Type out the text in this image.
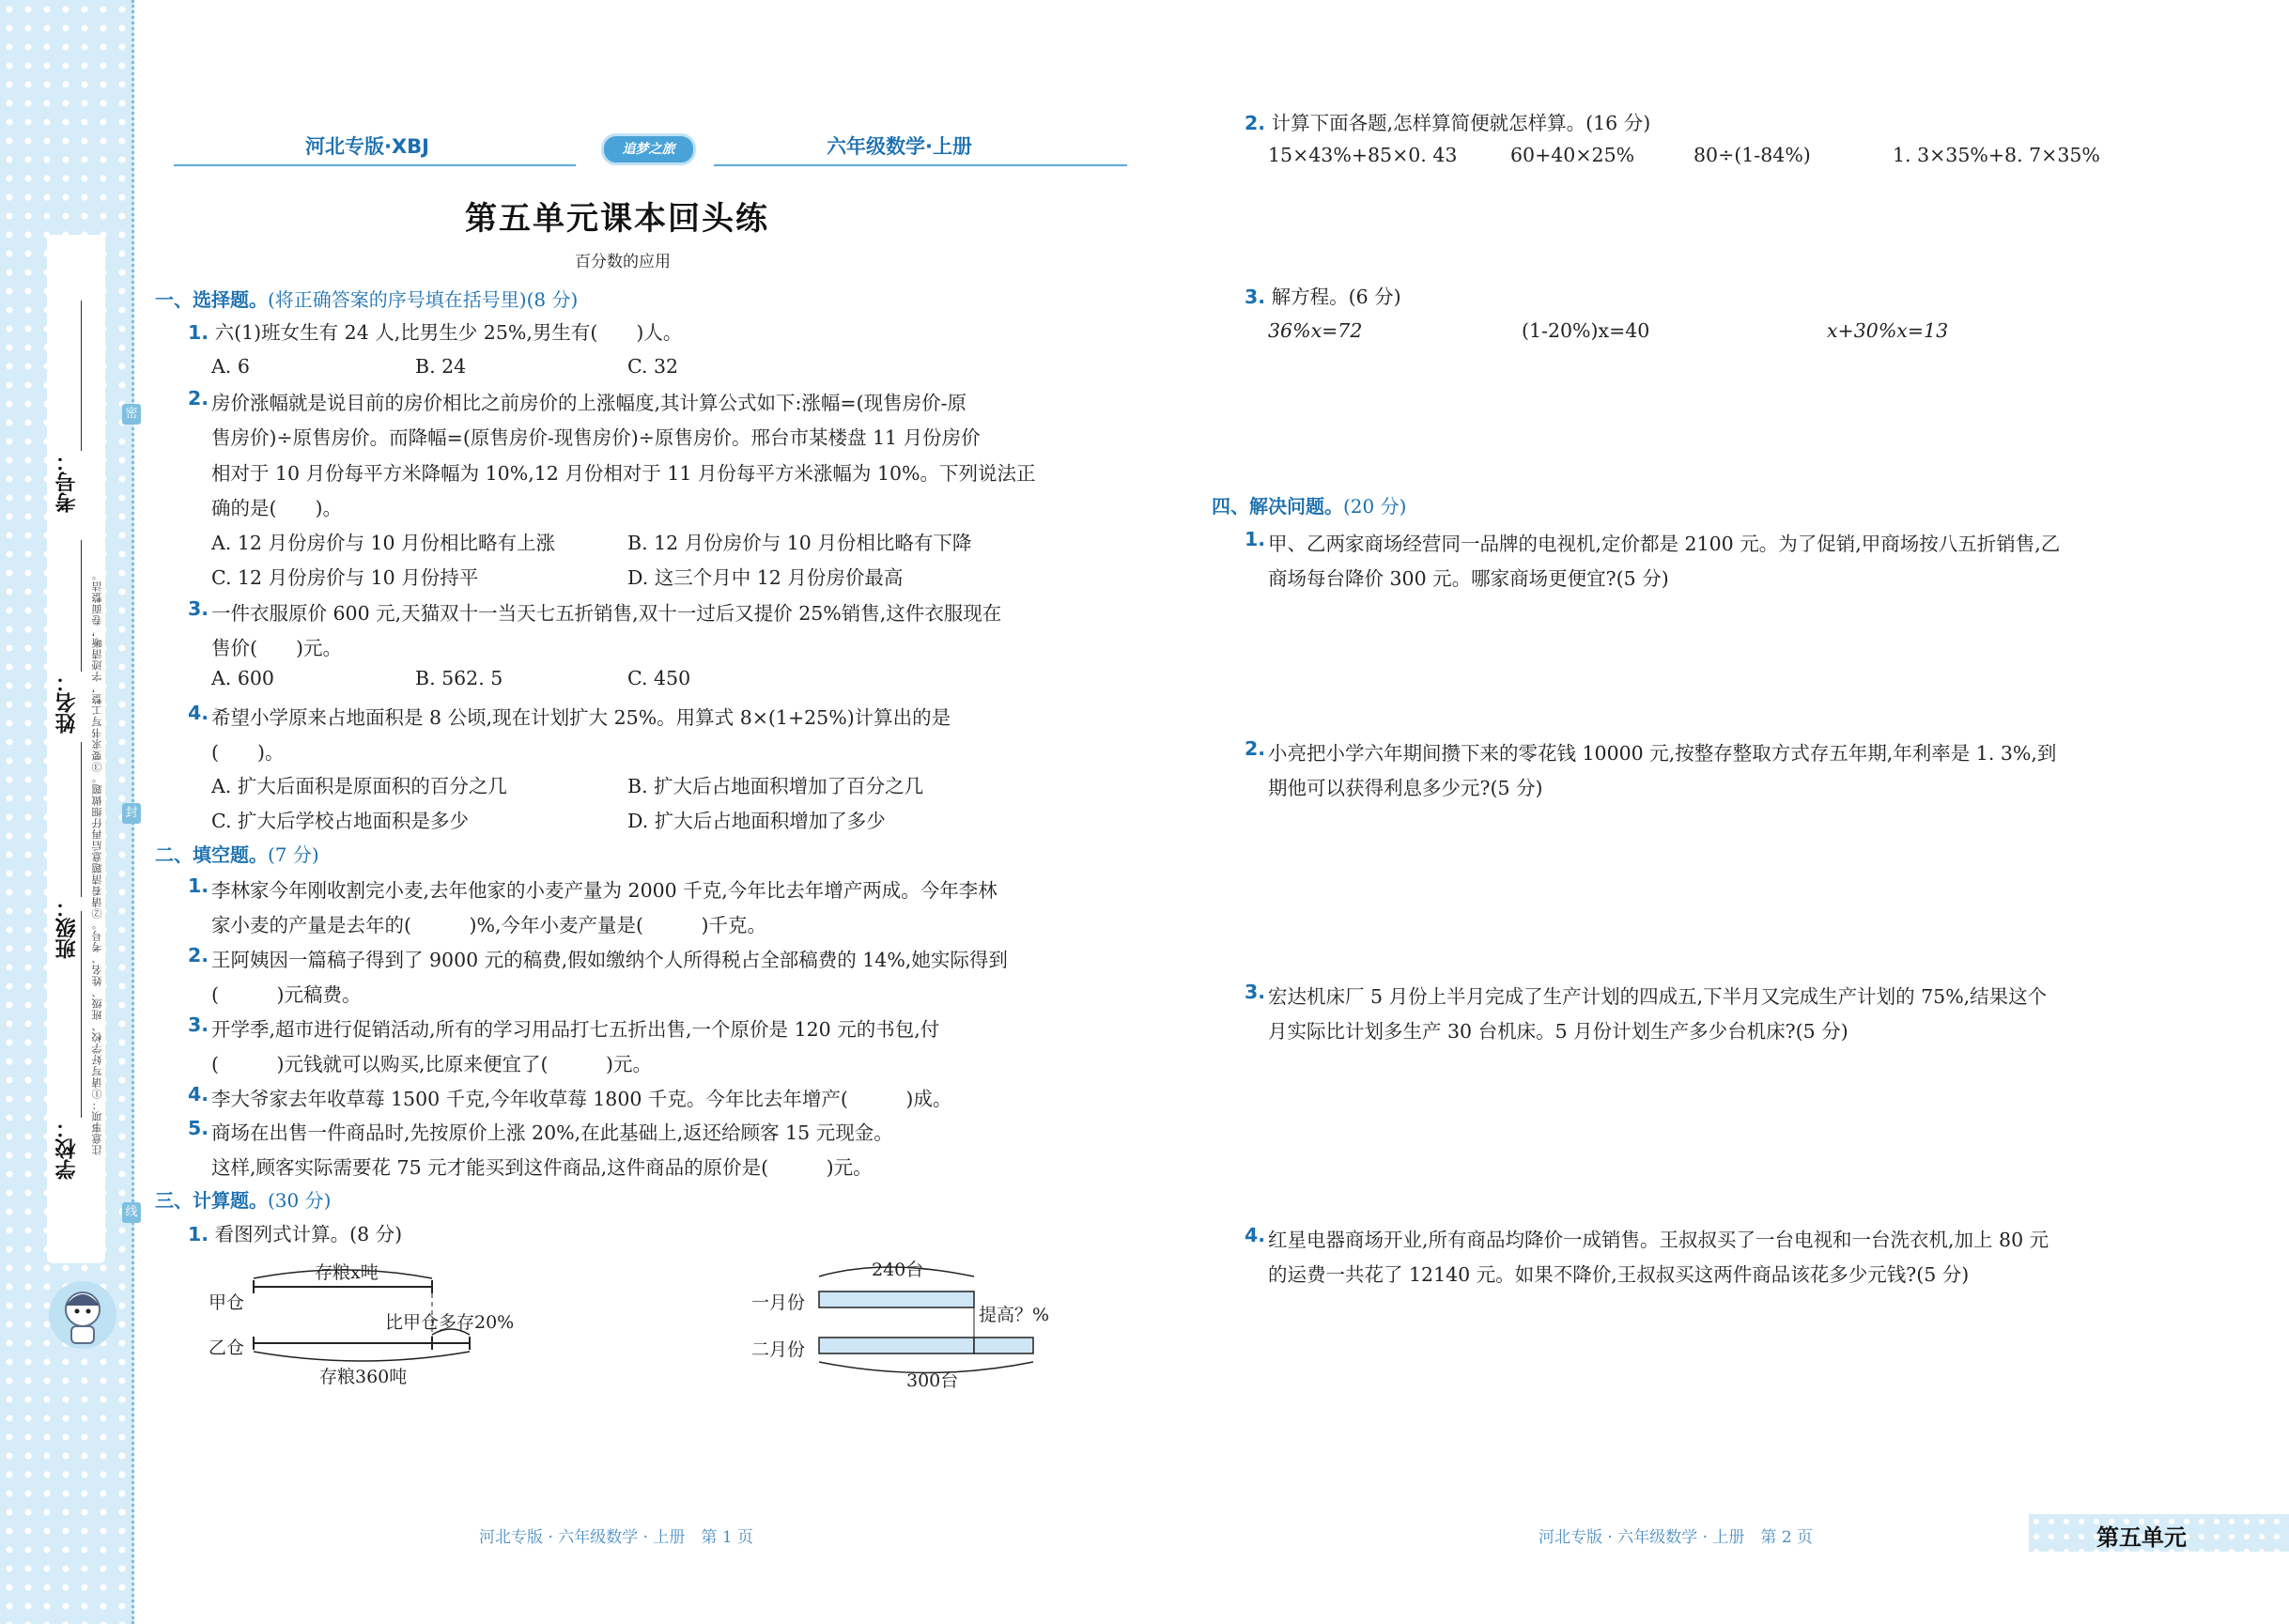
学校：
班级：
姓名：
考号：
注意事项：①请写好学校、班级、姓名、考号。②请看清题意后再仔细做题。③要求书写工整，字迹清晰，卷面整洁。
密
封
线
河北专版·XBJ	追梦之旅	六年级数学·上册
第五单元课本回头练
百分数的应用
一、选择题。(将正确答案的序号填在括号里)(8 分)
1. 六(1)班女生有 24 人,比男生少 25%,男生有(　　)人。
A. 6	B. 24	C. 32
2. 房价涨幅就是说目前的房价相比之前房价的上涨幅度,其计算公式如下:涨幅=(现售房价-原
售房价)÷原售房价。而降幅=(原售房价-现售房价)÷原售房价。邢台市某楼盘 11 月份房价
相对于 10 月份每平方米降幅为 10%,12 月份相对于 11 月份每平方米涨幅为 10%。下列说法正
确的是(　　)。
A. 12 月份房价与 10 月份相比略有上涨	B. 12 月份房价与 10 月份相比略有下降
C. 12 月份房价与 10 月份持平	D. 这三个月中 12 月份房价最高
3. 一件衣服原价 600 元,天猫双十一当天七五折销售,双十一过后又提价 25%销售,这件衣服现在
售价(　　)元。
A. 600	B. 562. 5	C. 450
4. 希望小学原来占地面积是 8 公顷,现在计划扩大 25%。用算式 8×(1+25%)计算出的是
(　　)。
A. 扩大后面积是原面积的百分之几	B. 扩大后占地面积增加了百分之几
C. 扩大后学校占地面积是多少	D. 扩大后占地面积增加了多少
二、填空题。(7 分)
1. 李林家今年刚收割完小麦,去年他家的小麦产量为 2000 千克,今年比去年增产两成。今年李林
家小麦的产量是去年的(　　　)%,今年小麦产量是(　　　)千克。
2. 王阿姨因一篇稿子得到了 9000 元的稿费,假如缴纳个人所得税占全部稿费的 14%,她实际得到
(　　　)元稿费。
3. 开学季,超市进行促销活动,所有的学习用品打七五折出售,一个原价是 120 元的书包,付
(　　　)元钱就可以购买,比原来便宜了(　　　)元。
4. 李大爷家去年收草莓 1500 千克,今年收草莓 1800 千克。今年比去年增产(　　　)成。
5. 商场在出售一件商品时,先按原价上涨 20%,在此基础上,返还给顾客 15 元现金。
这样,顾客实际需要花 75 元才能买到这件商品,这件商品的原价是(　　　)元。
三、计算题。(30 分)
1. 看图列式计算。(8 分)
存粮x吨
甲仓
比甲仓多存20%
乙仓
存粮360吨
240台
一月份
提高？%
二月份
300台
2. 计算下面各题,怎样算简便就怎样算。(16 分)
15×43%+85×0. 43	60+40×25%	80÷(1-84%)	1. 3×35%+8. 7×35%
3. 解方程。(6 分)
36%x=72	(1-20%)x=40	x+30%x=13
四、解决问题。(20 分)
1. 甲、乙两家商场经营同一品牌的电视机,定价都是 2100 元。为了促销,甲商场按八五折销售,乙
商场每台降价 300 元。哪家商场更便宜?(5 分)
2. 小亮把小学六年期间攒下来的零花钱 10000 元,按整存整取方式存五年期,年利率是 1. 3%,到
期他可以获得利息多少元?(5 分)
3. 宏达机床厂 5 月份上半月完成了生产计划的四成五,下半月又完成生产计划的 75%,结果这个
月实际比计划多生产 30 台机床。5 月份计划生产多少台机床?(5 分)
4. 红星电器商场开业,所有商品均降价一成销售。王叔叔买了一台电视和一台洗衣机,加上 80 元
的运费一共花了 12140 元。如果不降价,王叔叔买这两件商品该花多少元钱?(5 分)
河北专版 · 六年级数学 · 上册　第 1 页	河北专版 · 六年级数学 · 上册　第 2 页	第五单元
